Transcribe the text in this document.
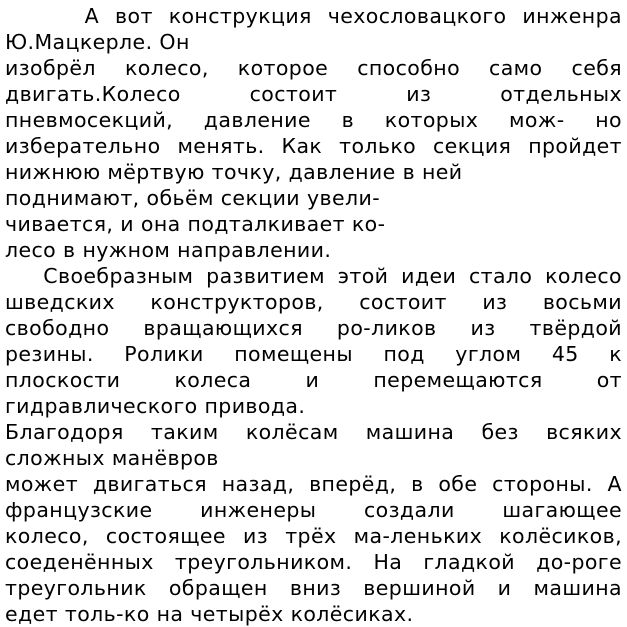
А вот конструкция чехословацкого инженра
Ю.Мацкерле. Он
изобрёл колесо, которое способно само себя
двигать.Колесо состоит из отдельных
пневмосекций, давление в которых мож- но
изберательно менять. Как только секция пройдет
нижнюю мёртвую точку, давление в ней
поднимают, обьём секции увели-
чивается, и она подталкивает ко-
лесо в нужном направлении.
Своебразным развитием этой идеи стало колесо
шведских конструкторов, состоит из восьми
свободно вращающихся ро-ликов из твёрдой
резины. Ролики помещены под углом 45 к
плоскости колеса и перемещаются от
гидравлического привода.
Благодоря таким колёсам машина без всяких
сложных манёвров
может двигаться назад, вперёд, в обе стороны. А
французские инженеры создали шагающее
колесо, состоящее из трёх ма-леньких колёсиков,
соеденённых треугольником. На гладкой до-роге
треугольник обращен вниз вершиной и машина
едет толь-ко на четырёх колёсиках.
